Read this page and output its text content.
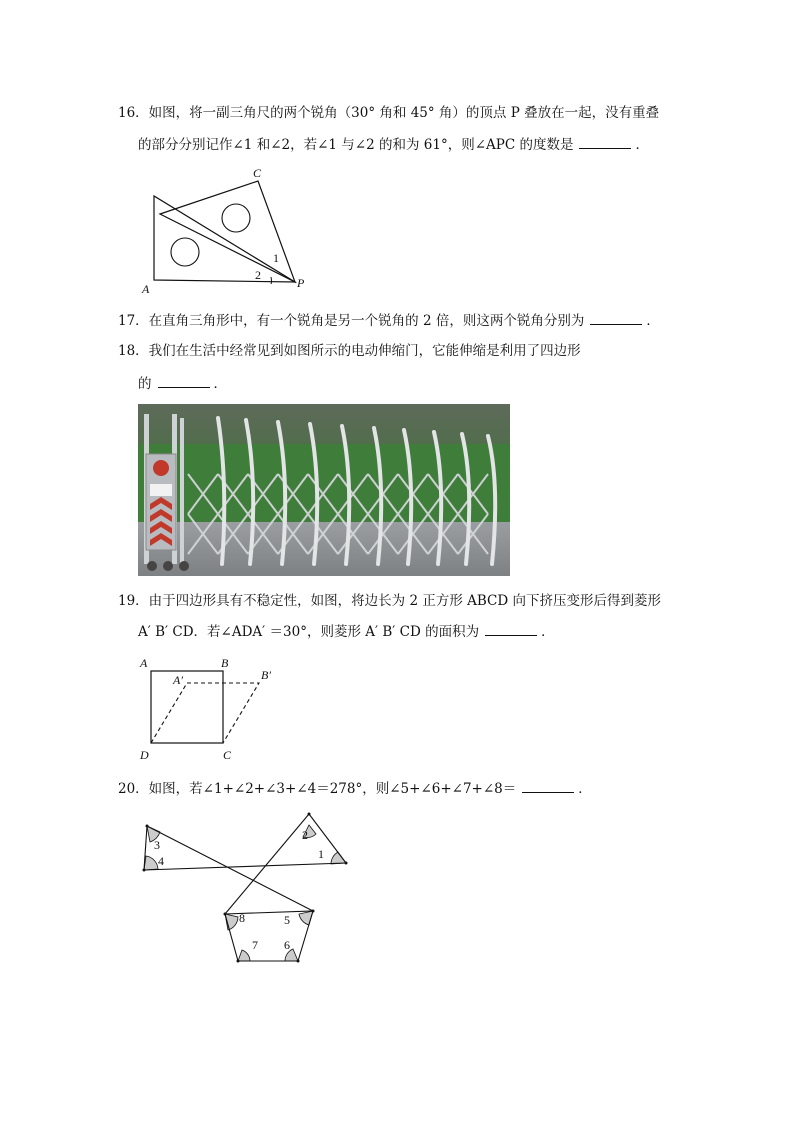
16．如图，将一副三角尺的两个锐角（30° 角和 45° 角）的顶点 P 叠放在一起，没有重叠
的部分分别记作∠1 和∠2，若∠1 与∠2 的和为 61°，则∠APC 的度数是	．
C
A	P
1
2
17．在直角三角形中，有一个锐角是另一个锐角的 2 倍，则这两个锐角分别为	．
18．我们在生活中经常见到如图所示的电动伸缩门，它能伸缩是利用了四边形
的	．
19．由于四边形具有不稳定性，如图，将边长为 2 正方形 ABCD 向下挤压变形后得到菱形
A′ B′ CD．若∠ADA′ ＝30°，则菱形 A′ B′ CD 的面积为	．
A	B
A′	B′
D	C
20．如图，若∠1+∠2+∠3+∠4＝278°，则∠5+∠6+∠7+∠8＝	．
3
4
2
1
8	5
7 6
